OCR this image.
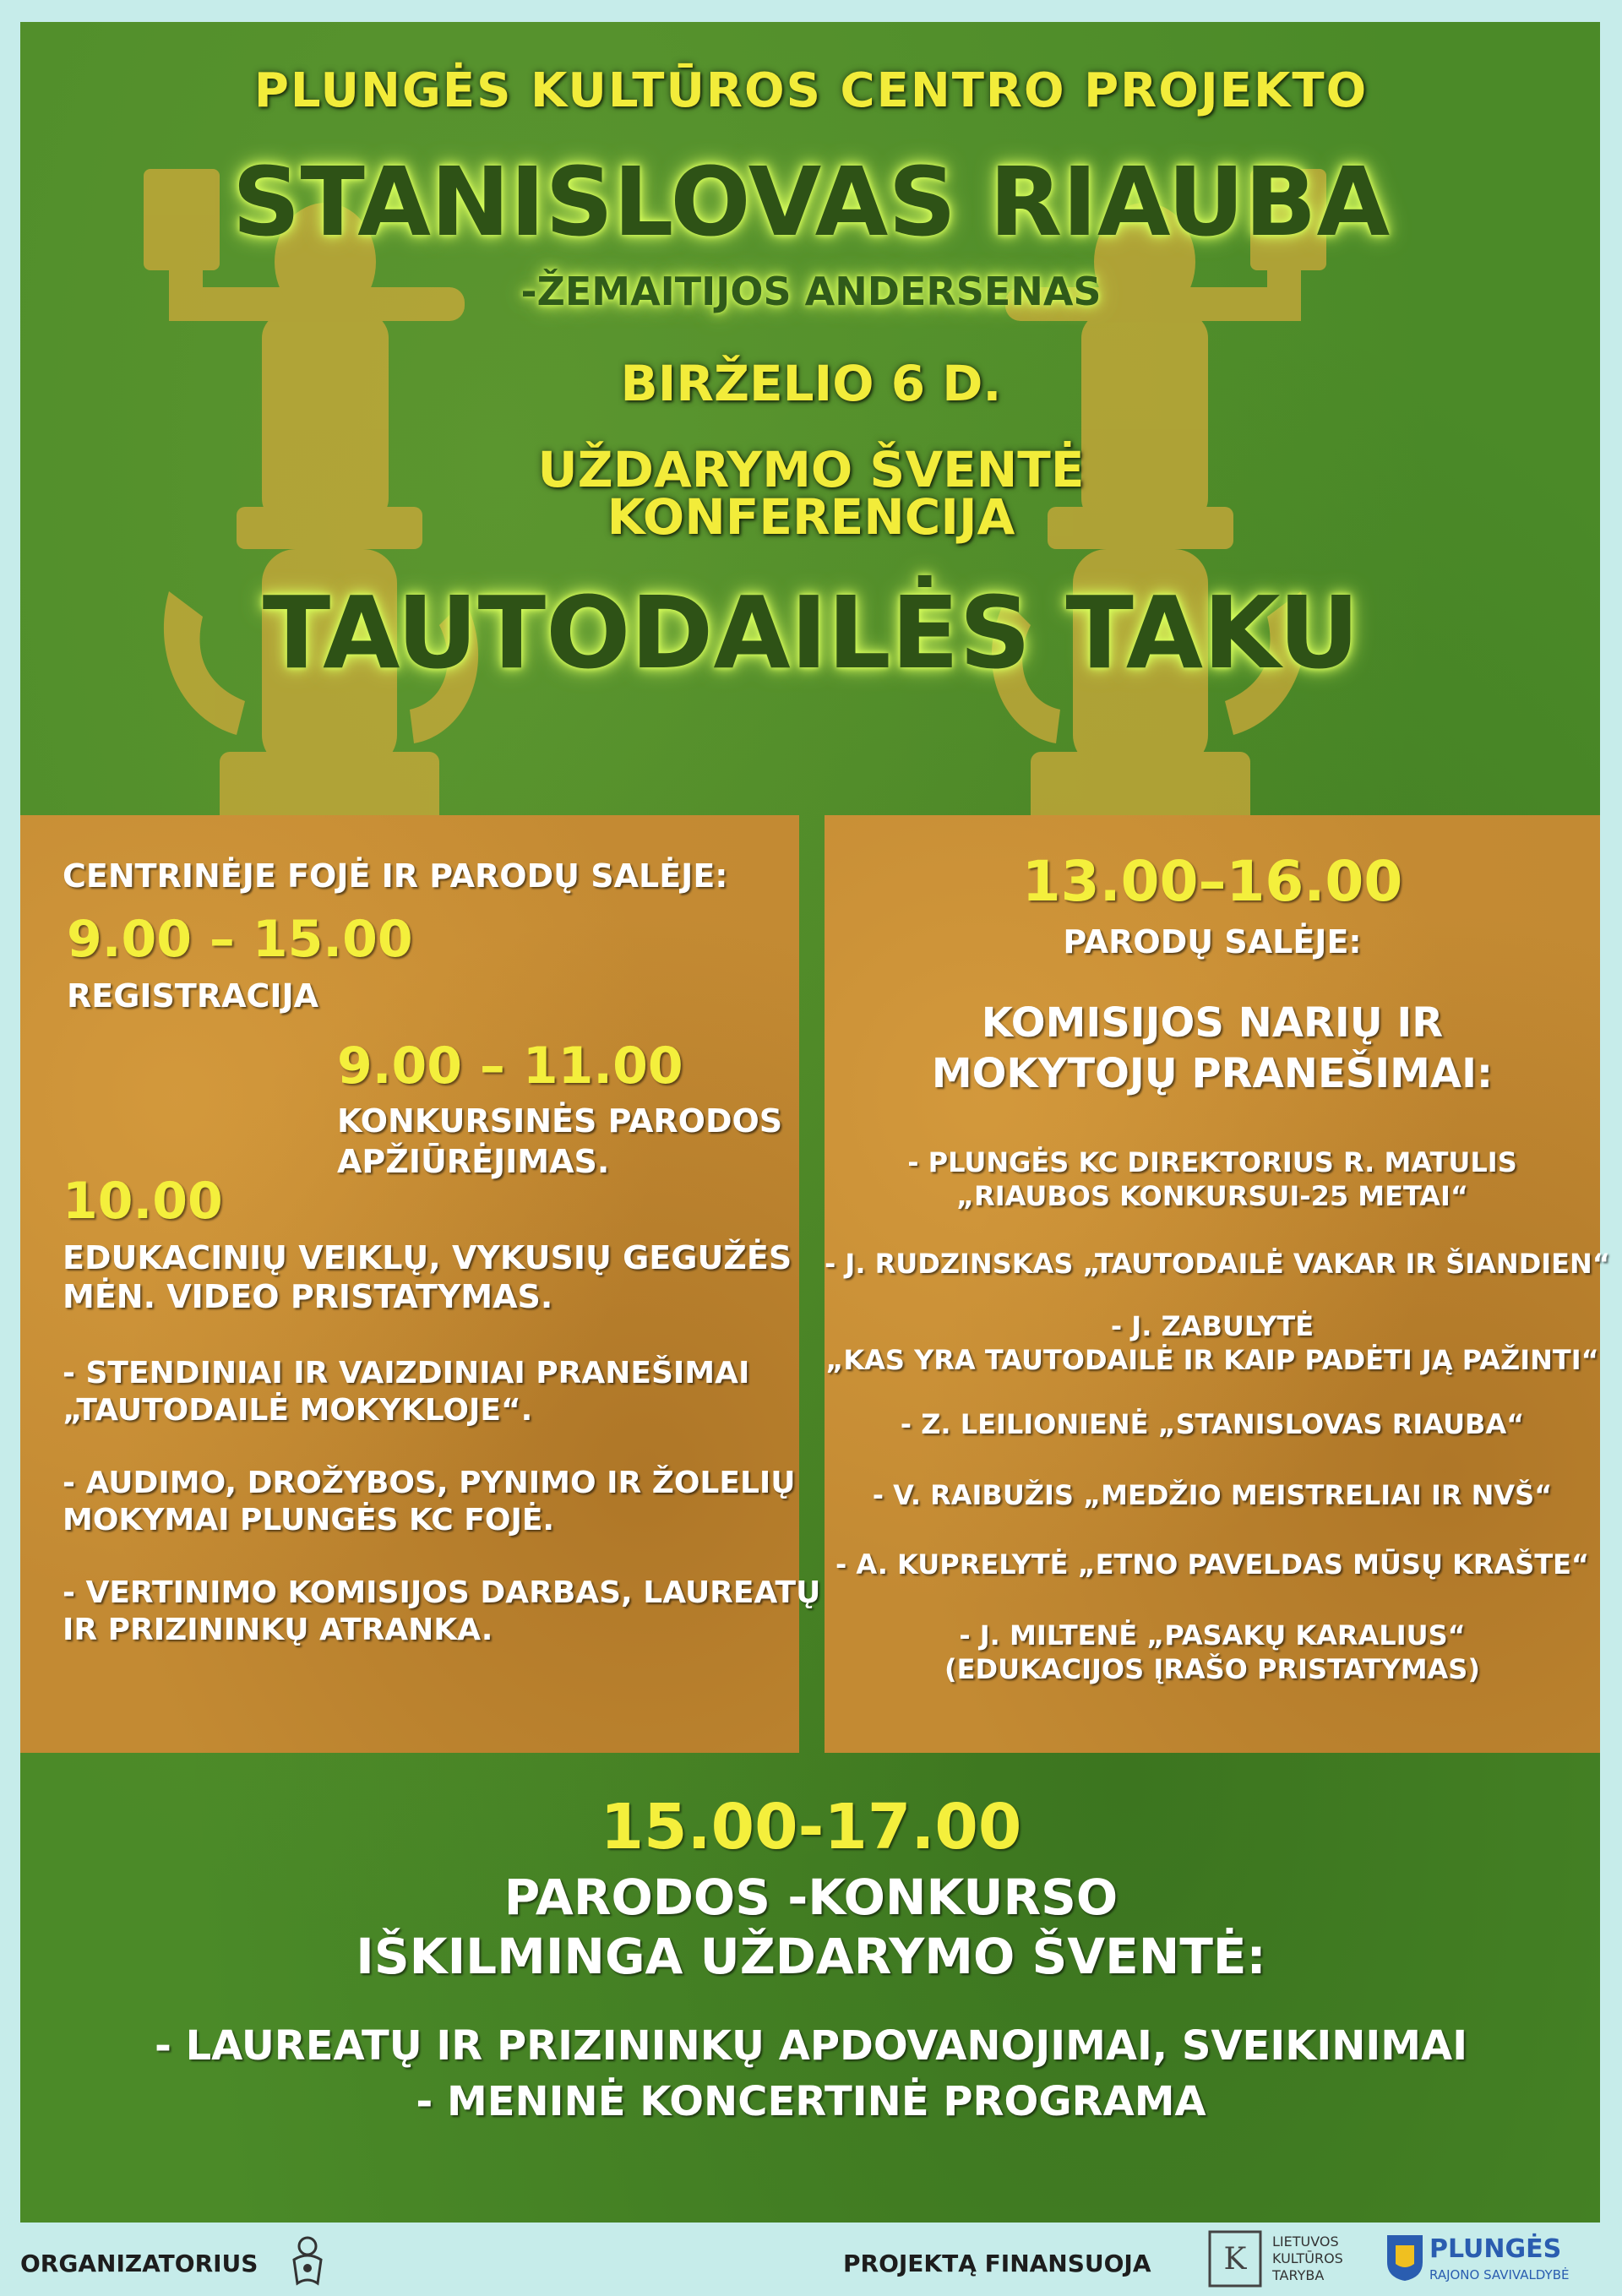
PLUNGĖS KULTŪROS CENTRO PROJEKTO
STANISLOVAS RIAUBA
-ŽEMAITIJOS ANDERSENAS
BIRŽELIO 6 D.
UŽDARYMO ŠVENTĖ
KONFERENCIJA
TAUTODAILĖS TAKU
CENTRINĖJE FOJĖ IR PARODŲ SALĖJE:
9.00 – 15.00
REGISTRACIJA
9.00 – 11.00
KONKURSINĖS PARODOS
APŽIŪRĖJIMAS.
10.00
EDUKACINIŲ VEIKLŲ, VYKUSIŲ GEGUŽĖS
MĖN. VIDEO PRISTATYMAS.
- STENDINIAI IR VAIZDINIAI PRANEŠIMAI
„TAUTODAILĖ MOKYKLOJE“.
- AUDIMO, DROŽYBOS, PYNIMO IR ŽOLELIŲ
MOKYMAI PLUNGĖS KC FOJĖ.
- VERTINIMO KOMISIJOS DARBAS, LAUREATŲ
IR PRIZININKŲ ATRANKA.
13.00–16.00
PARODŲ SALĖJE:
KOMISIJOS NARIŲ IR
MOKYTOJŲ PRANEŠIMAI:
- PLUNGĖS KC DIREKTORIUS R. MATULIS
„RIAUBOS KONKURSUI-25 METAI“
- J. RUDZINSKAS „TAUTODAILĖ VAKAR IR ŠIANDIEN“
- J. ZABULYTĖ
„KAS YRA TAUTODAILĖ IR KAIP PADĖTI JĄ PAŽINTI“
- Z. LEILIONIENĖ „STANISLOVAS RIAUBA“
- V. RAIBUŽIS „MEDŽIO MEISTRELIAI IR NVŠ“
- A. KUPRELYTĖ „ETNO PAVELDAS MŪSŲ KRAŠTE“
- J. MILTENĖ „PASAKŲ KARALIUS“
(EDUKACIJOS ĮRAŠO PRISTATYMAS)
15.00-17.00
PARODOS -KONKURSO
IŠKILMINGA UŽDARYMO ŠVENTĖ:
- LAUREATŲ IR PRIZININKŲ APDOVANOJIMAI, SVEIKINIMAI
- MENINĖ KONCERTINĖ PROGRAMA
ORGANIZATORIUS	PROJEKTĄ FINANSUOJA K
LIETUVOS
KULTŪROS
TARYBA
PLUNGĖS
RAJONO SAVIVALDYBĖ
